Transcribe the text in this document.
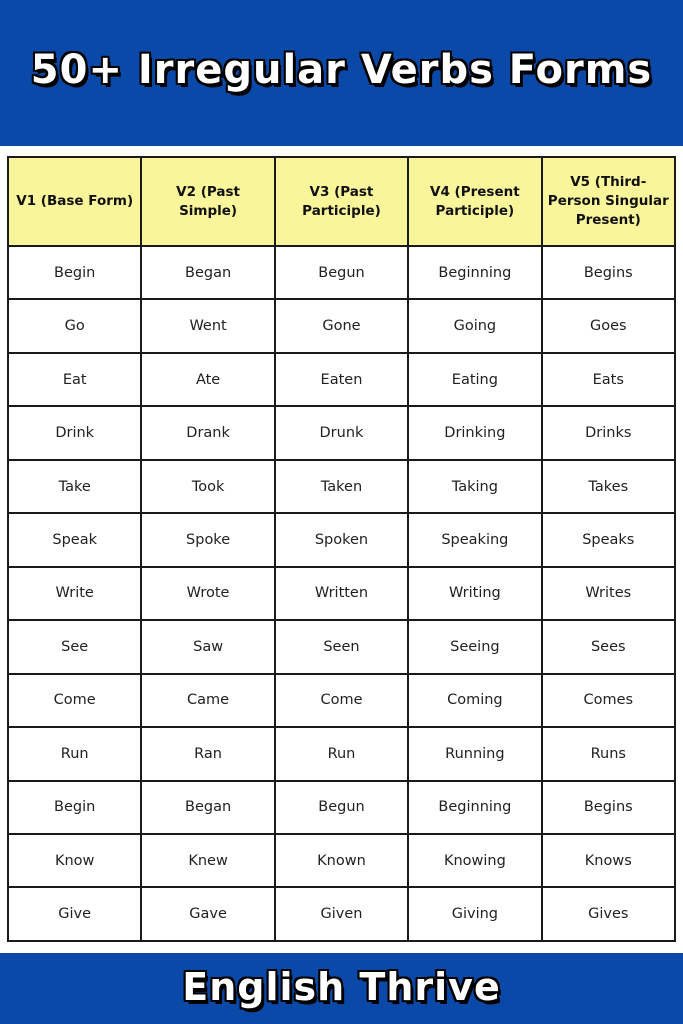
50+ Irregular Verbs Forms
V1 (Base Form)	V2 (Past Simple)	V3 (Past Participle)	V4 (Present Participle)	V5 (Third-Person Singular Present)
Begin	Began	Begun	Beginning	Begins
Go	Went	Gone	Going	Goes
Eat	Ate	Eaten	Eating	Eats
Drink	Drank	Drunk	Drinking	Drinks
Take	Took	Taken	Taking	Takes
Speak	Spoke	Spoken	Speaking	Speaks
Write	Wrote	Written	Writing	Writes
See	Saw	Seen	Seeing	Sees
Come	Came	Come	Coming	Comes
Run	Ran	Run	Running	Runs
Begin	Began	Begun	Beginning	Begins
Know	Knew	Known	Knowing	Knows
Give	Gave	Given	Giving	Gives
English Thrive
